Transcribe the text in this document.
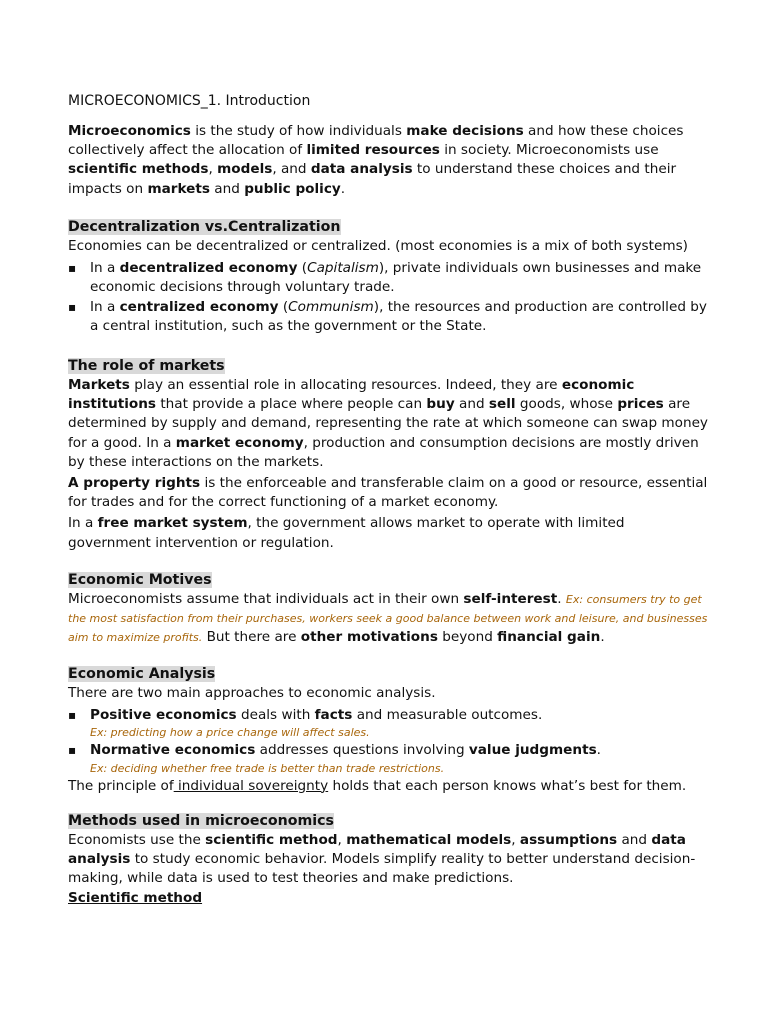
MICROECONOMICS_1. Introduction

Microeconomics is the study of how individuals make decisions and how these choices collectively affect the allocation of limited resources in society. Microeconomists use scientific methods, models, and data analysis to understand these choices and their impacts on markets and public policy.

Decentralization vs.Centralization

Economies can be decentralized or centralized. (most economies is a mix of both systems)

▪ In a decentralized economy (Capitalism), private individuals own businesses and make economic decisions through voluntary trade.
▪ In a centralized economy (Communism), the resources and production are controlled by a central institution, such as the government or the State.
The role of markets

Markets play an essential role in allocating resources. Indeed, they are economic institutions that provide a place where people can buy and sell goods, whose prices are determined by supply and demand, representing the rate at which someone can swap money for a good. In a market economy, production and consumption decisions are mostly driven by these interactions on the markets.

A property rights is the enforceable and transferable claim on a good or resource, essential for trades and for the correct functioning of a market economy.

In a free market system, the government allows market to operate with limited government intervention or regulation.

Economic Motives

Microeconomists assume that individuals act in their own self-interest. Ex: consumers try to get the most satisfaction from their purchases, workers seek a good balance between work and leisure, and businesses aim to maximize profits. But there are other motivations beyond financial gain.

Economic Analysis

There are two main approaches to economic analysis.

▪ Positive economics deals with facts and measurable outcomes.
Ex: predicting how a price change will affect sales.
▪ Normative economics addresses questions involving value judgments.
Ex: deciding whether free trade is better than trade restrictions.

The principle of individual sovereignty holds that each person knows what’s best for them.

Methods used in microeconomics

Economists use the scientific method, mathematical models, assumptions and data analysis to study economic behavior. Models simplify reality to better understand decision-making, while data is used to test theories and make predictions.

Scientific method
